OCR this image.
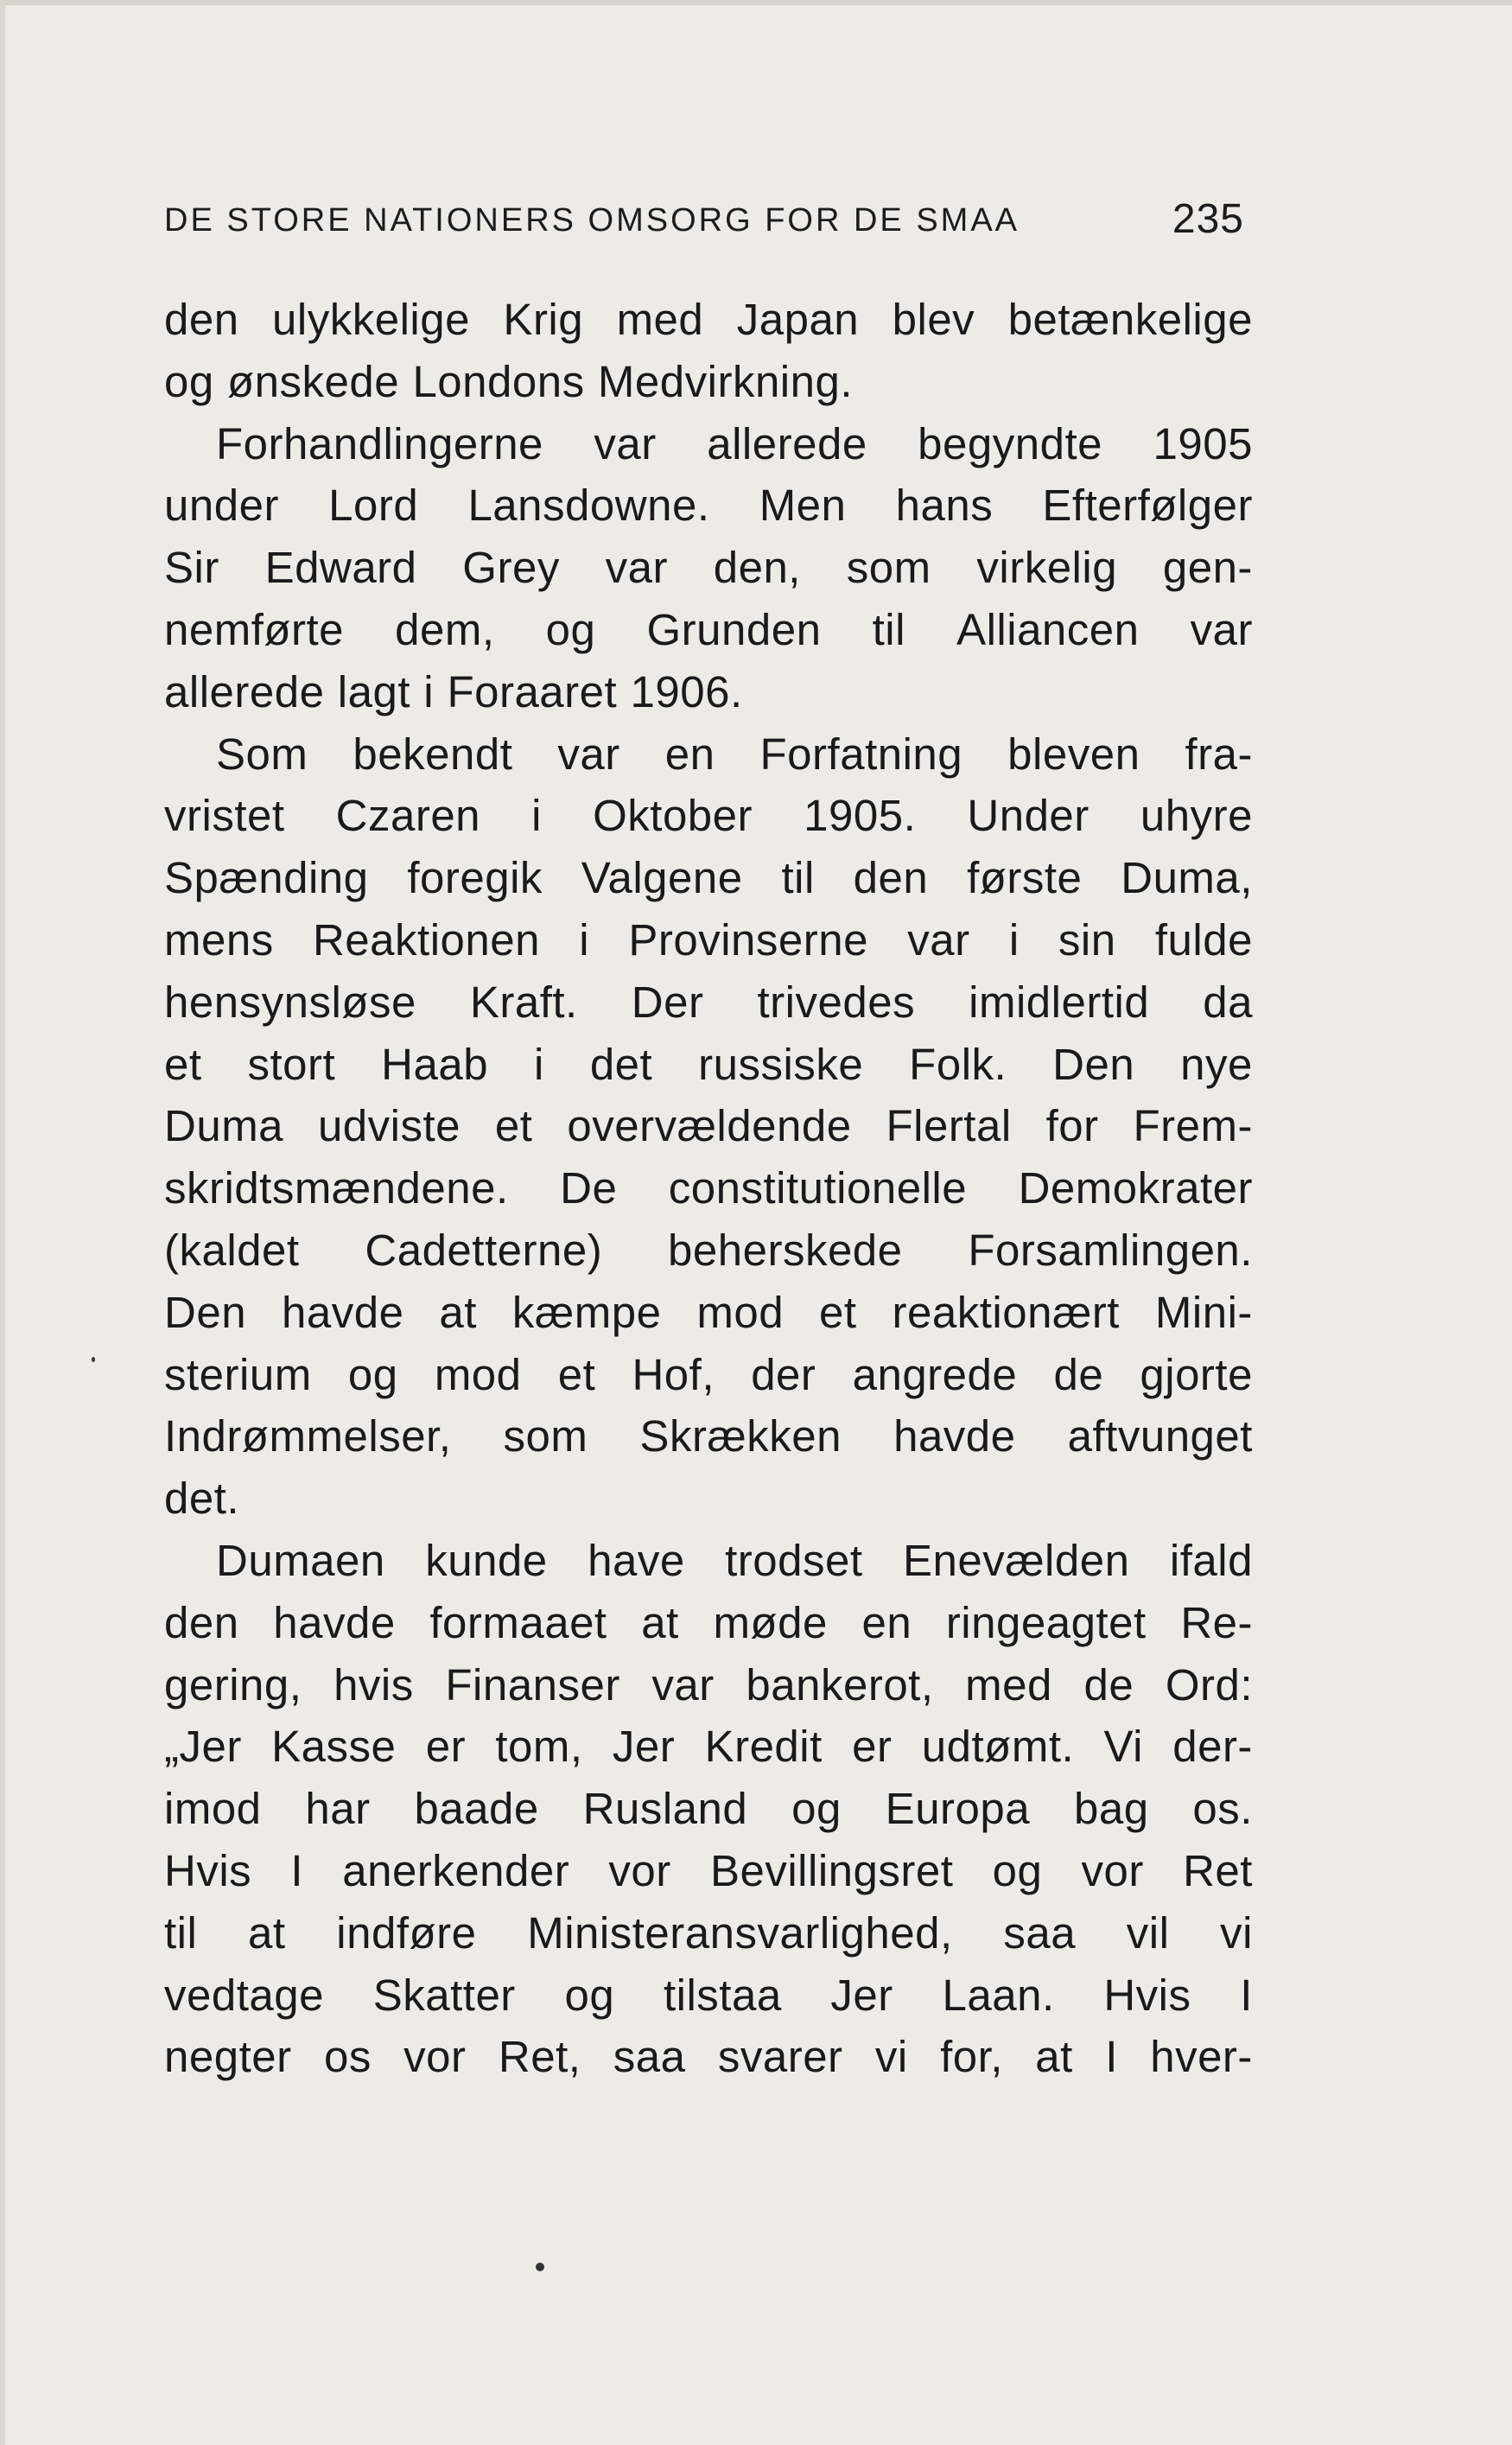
DE STORE NATIONERS OMSORG FOR DE SMAA	235
den ulykkelige Krig med Japan blev betænkelige
og ønskede Londons Medvirkning.
Forhandlingerne var allerede begyndte 1905
under Lord Lansdowne. Men hans Efterfølger
Sir Edward Grey var den, som virkelig gen-
nemførte dem, og Grunden til Alliancen var
allerede lagt i Foraaret 1906.
Som bekendt var en Forfatning bleven fra-
vristet Czaren i Oktober 1905. Under uhyre
Spænding foregik Valgene til den første Duma,
mens Reaktionen i Provinserne var i sin fulde
hensynsløse Kraft. Der trivedes imidlertid da
et stort Haab i det russiske Folk. Den nye
Duma udviste et overvældende Flertal for Frem-
skridtsmændene. De constitutionelle Demokrater
(kaldet Cadetterne) beherskede Forsamlingen.
Den havde at kæmpe mod et reaktionært Mini-
sterium og mod et Hof, der angrede de gjorte
Indrømmelser, som Skrækken havde aftvunget
det.
Dumaen kunde have trodset Enevælden ifald
den havde formaaet at møde en ringeagtet Re-
gering, hvis Finanser var bankerot, med de Ord:
„Jer Kasse er tom, Jer Kredit er udtømt. Vi der-
imod har baade Rusland og Europa bag os.
Hvis I anerkender vor Bevillingsret og vor Ret
til at indføre Ministeransvarlighed, saa vil vi
vedtage Skatter og tilstaa Jer Laan. Hvis I
negter os vor Ret, saa svarer vi for, at I hver-
